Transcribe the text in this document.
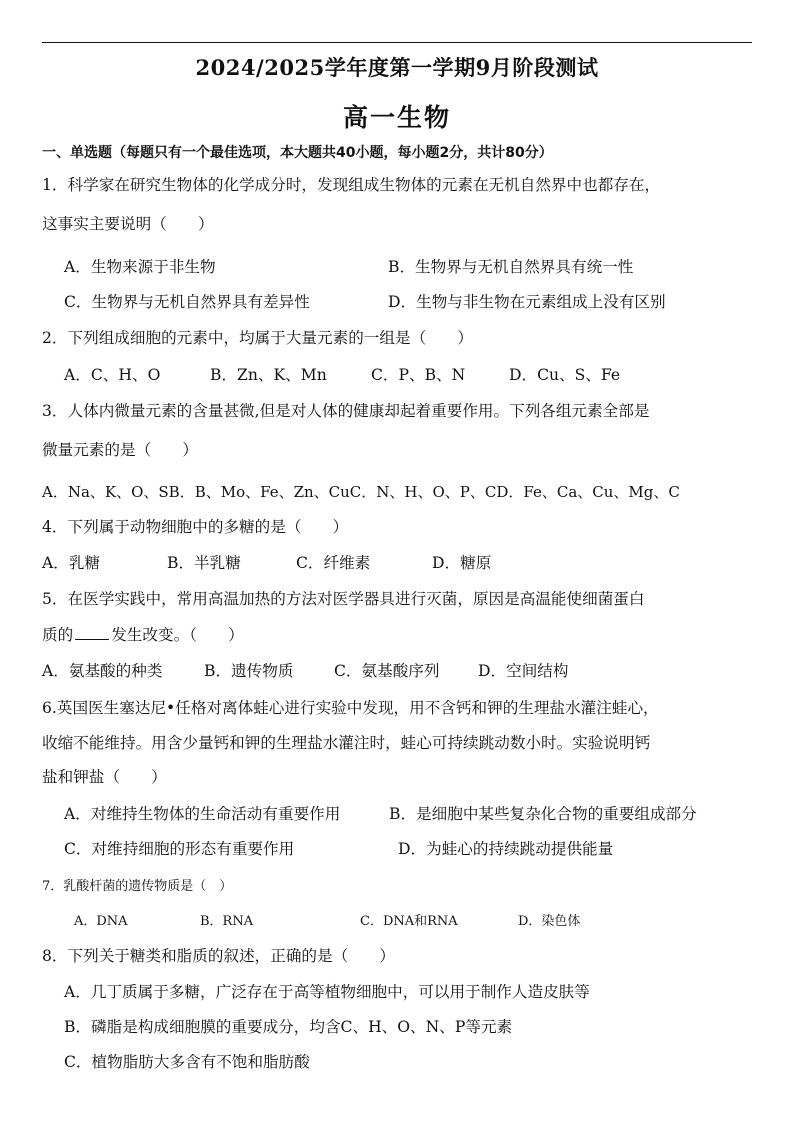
2024/2025学年度第一学期9月阶段测试
高一生物
一、单选题（每题只有一个最佳选项，本大题共40小题，每小题2分，共计80分）
1．科学家在研究生物体的化学成分时，发现组成生物体的元素在无机自然界中也都存在，
这事实主要说明（　　）
A．生物来源于非生物	B．生物界与无机自然界具有统一性
C．生物界与无机自然界具有差异性	D．生物与非生物在元素组成上没有区别
2．下列组成细胞的元素中，均属于大量元素的一组是（　　）
A．C、H、O	B．Zn、K、Mn	C．P、B、N	D．Cu、S、Fe
3．人体内微量元素的含量甚微,但是对人体的健康却起着重要作用。下列各组元素全部是
微量元素的是（　　）
A．Na、K、O、SB．B、Mo、Fe、Zn、CuC．N、H、O、P、CD．Fe、Ca、Cu、Mg、C
4．下列属于动物细胞中的多糖的是（　　）
A．乳糖	B．半乳糖	C．纤维素	D．糖原
5．在医学实践中，常用高温加热的方法对医学器具进行灭菌，原因是高温能使细菌蛋白
质的 发生改变。（　　）
A．氨基酸的种类	B．遗传物质	C．氨基酸序列 D．空间结构
6.英国医生塞达尼•任格对离体蛙心进行实验中发现，用不含钙和钾的生理盐水灌注蛙心，
收缩不能维持。用含少量钙和钾的生理盐水灌注时，蛙心可持续跳动数小时。实验说明钙
盐和钾盐（　　）
A．对维持生物体的生命活动有重要作用	B．是细胞中某些复杂化合物的重要组成部分
C．对维持细胞的形态有重要作用	D．为蛙心的持续跳动提供能量
7．乳酸杆菌的遗传物质是（　）
A．DNA	B．RNA	C．DNA和RNA	D．染色体
8．下列关于糖类和脂质的叙述，正确的是（　　）
A．几丁质属于多糖，广泛存在于高等植物细胞中，可以用于制作人造皮肤等
B．磷脂是构成细胞膜的重要成分，均含C、H、O、N、P等元素
C．植物脂肪大多含有不饱和脂肪酸
